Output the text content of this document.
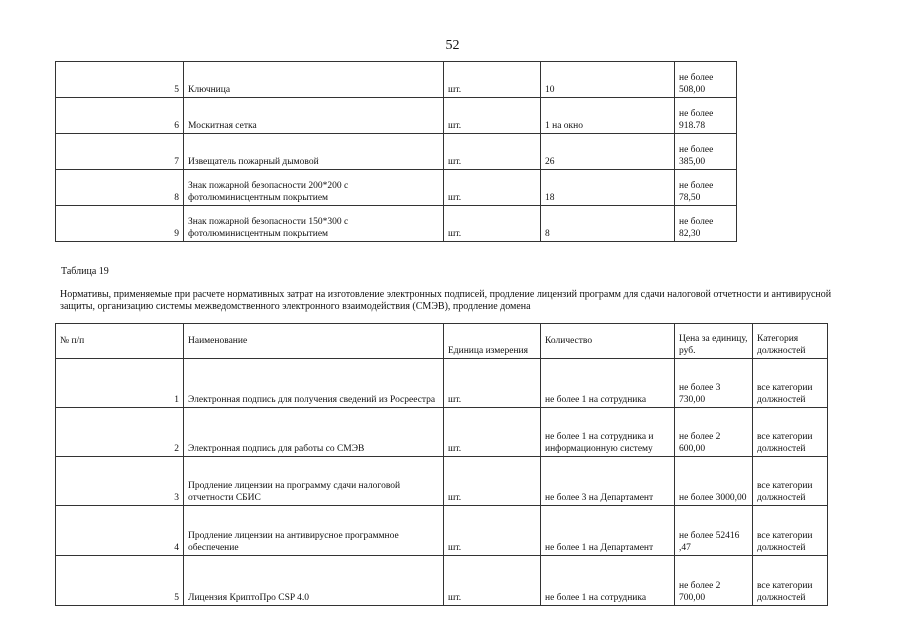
52
5	Ключница	шт.	10	не более 508,00
6	Москитная сетка	шт.	1 на окно	не более 918.78
7	Извещатель пожарный дымовой	шт.	26	не более 385,00
8	Знак пожарной безопасности 200*200 с фотолюминисцентным покрытием	шт.	18	не более 78,50
9	Знак пожарной безопасности 150*300 с фотолюминисцентным покрытием	шт.	8	не более 82,30
Таблица 19
Нормативы, применяемые при расчете нормативных затрат на изготовление электронных подписей, продление лицензий программ для сдачи налоговой отчетности и антивирусной защиты, организацию системы межведомственного электронного взаимодействия (СМЭВ), продление домена
№ п/п	Наименование	Единица измерения	Количество	Цена за единицу, руб.	Категория должностей
1	Электронная подпись для получения сведений из Росреестра	шт.	не более 1 на сотрудника	не более 3 730,00	все категории должностей
2	Электронная подпись для работы со СМЭВ	шт.	не более 1 на сотрудника и информационную систему	не более 2 600,00	все категории должностей
3	Продление лицензии на программу сдачи налоговой отчетности СБИС	шт.	не более 3 на Департамент	не более 3000,00	все категории должностей
4	Продление лицензии на антивирусное программное обеспечение	шт.	не более 1 на Департамент	не более 52416 ,47	все категории должностей
5	Лицензия КриптоПро CSP 4.0	шт.	не более 1 на сотрудника	не более 2 700,00	все категории должностей
